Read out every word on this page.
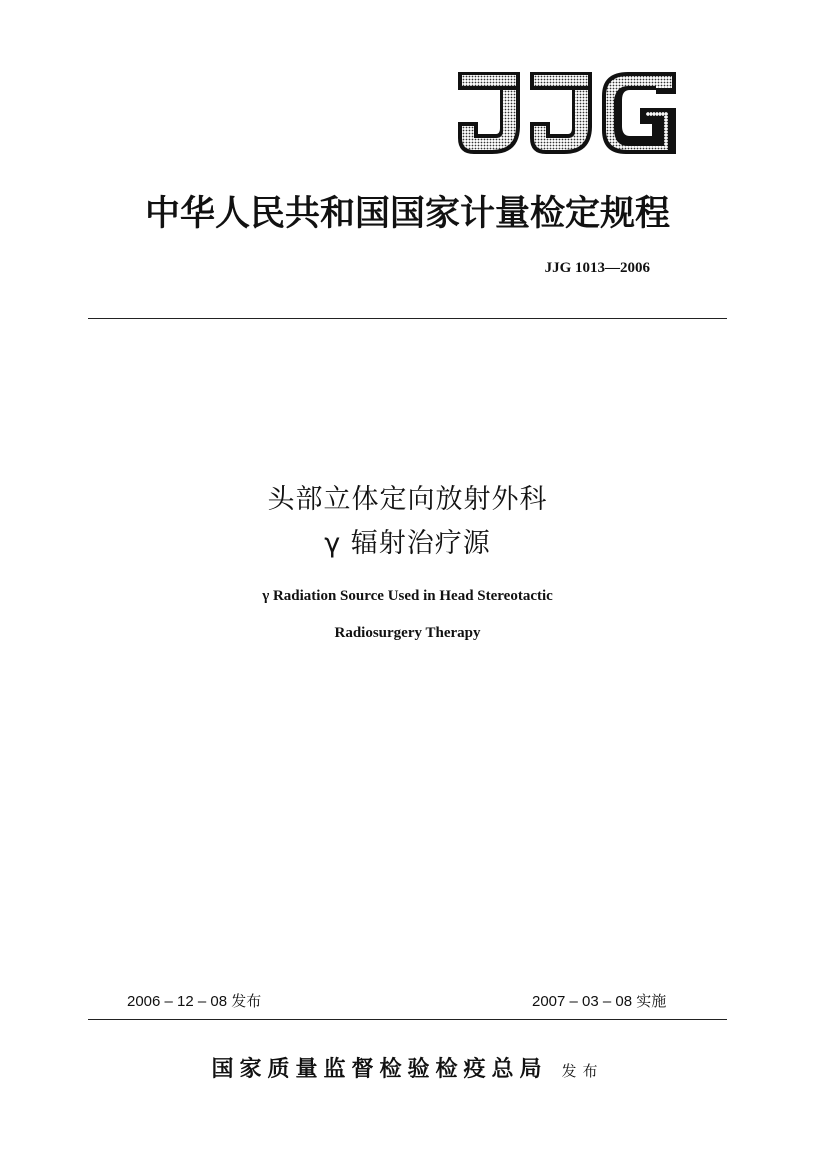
中华人民共和国国家计量检定规程
JJG 1013—2006
头部立体定向放射外科
γ 辐射治疗源
γ Radiation Source Used in Head Stereotactic
Radiosurgery Therapy
2006 – 12 – 08 发布	2007 – 03 – 08 实施
国家质量监督检验检疫总局 发布
